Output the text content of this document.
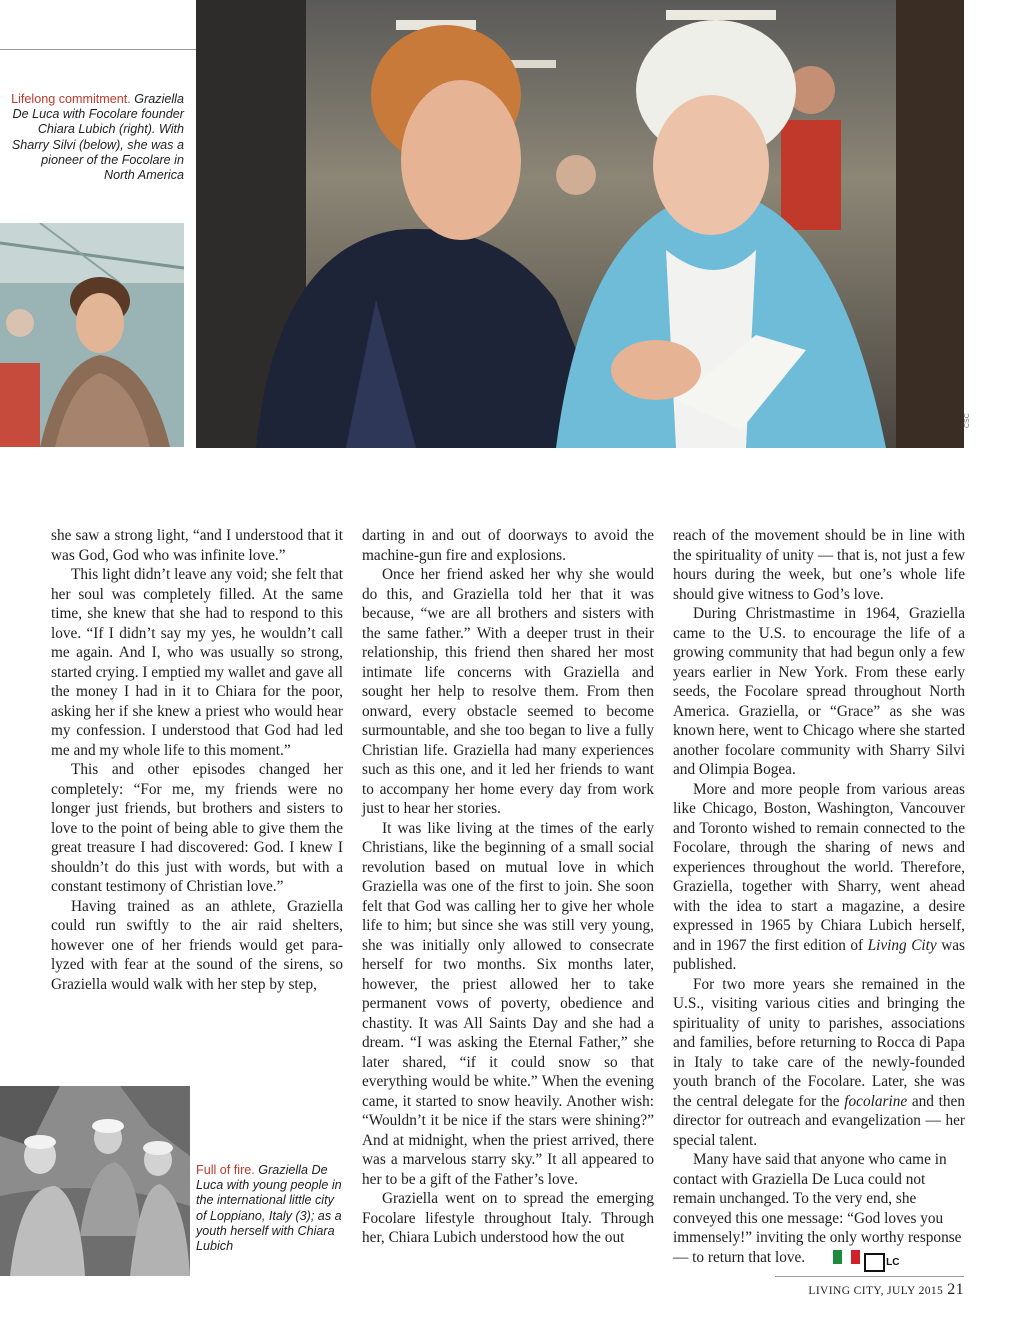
Lifelong commitment. Graziella De Luca with Focolare founder Chiara Lubich (right). With Sharry Silvi (below), she was a pioneer of the Focolare in North America
CSC

she saw a strong light, “and I understood that it was God, God who was infinite love.”

This light didn’t leave any void; she felt that her soul was completely filled. At the same time, she knew that she had to respond to this love. “If I didn’t say my yes, he wouldn’t call me again. And I, who was usually so strong, started crying. I emptied my wallet and gave all the money I had in it to Chiara for the poor, asking her if she knew a priest who would hear my confession. I understood that God had led me and my whole life to this moment.”

This and other episodes changed her completely: “For me, my friends were no longer just friends, but brothers and sisters to love to the point of being able to give them the great treasure I had discovered: God. I knew I shouldn’t do this just with words, but with a constant testimony of Christian love.”

Having trained as an athlete, Graziella could run swiftly to the air raid shelters, however one of her friends would get paralyzed with fear at the sound of the sirens, so Graziella would walk with her step by step,

darting in and out of doorways to avoid the machine-gun fire and explosions.

Once her friend asked her why she would do this, and Graziella told her that it was because, “we are all brothers and sisters with the same father.” With a deeper trust in their relationship, this friend then shared her most intimate life concerns with Graziella and sought her help to resolve them. From then onward, every obstacle seemed to become surmountable, and she too began to live a fully Christian life. Graziella had many experiences such as this one, and it led her friends to want to accompany her home every day from work just to hear her stories.

It was like living at the times of the early Christians, like the beginning of a small social revolution based on mutual love in which Graziella was one of the first to join. She soon felt that God was calling her to give her whole life to him; but since she was still very young, she was initially only allowed to consecrate herself for two months. Six months later, however, the priest allowed her to take permanent vows of poverty, obedience and chastity. It was All Saints Day and she had a dream. “I was asking the Eternal Father,” she later shared, “if it could snow so that everything would be white.” When the evening came, it started to snow heavily. Another wish: “Wouldn’t it be nice if the stars were shining?” And at midnight, when the priest arrived, there was a marvelous starry sky.” It all appeared to her to be a gift of the Father’s love.

Graziella went on to spread the emerging Focolare lifestyle throughout Italy. Through her, Chiara Lubich understood how the out

reach of the movement should be in line with the spirituality of unity — that is, not just a few hours during the week, but one’s whole life should give witness to God’s love.

During Christmastime in 1964, Graziella came to the U.S. to encourage the life of a growing community that had begun only a few years earlier in New York. From these early seeds, the Focolare spread throughout North America. Graziella, or “Grace” as she was known here, went to Chicago where she started another focolare community with Sharry Silvi and Olimpia Bogea.

More and more people from various areas like Chicago, Boston, Washington, Vancouver and Toronto wished to remain connected to the Focolare, through the sharing of news and experiences throughout the world. Therefore, Graziella, together with Sharry, went ahead with the idea to start a magazine, a desire expressed in 1965 by Chiara Lubich herself, and in 1967 the first edition of Living City was published.

For two more years she remained in the U.S., visiting various cities and bringing the spirituality of unity to parishes, associations and families, before returning to Rocca di Papa in Italy to take care of the newly-founded youth branch of the Focolare. Later, she was the central delegate for the focolarine and then director for outreach and evangelization — her special talent.

Many have said that anyone who came in contact with Graziella De Luca could not remain unchanged. To the very end, she conveyed this one message: “God loves you immensely!” inviting the only worthy response — to return that love.	LC

Full of fire. Graziella De Luca with young people in the international little city of Loppiano, Italy (3); as a youth herself with Chiara Lubich
LIVING CITY, JULY 2015 21
